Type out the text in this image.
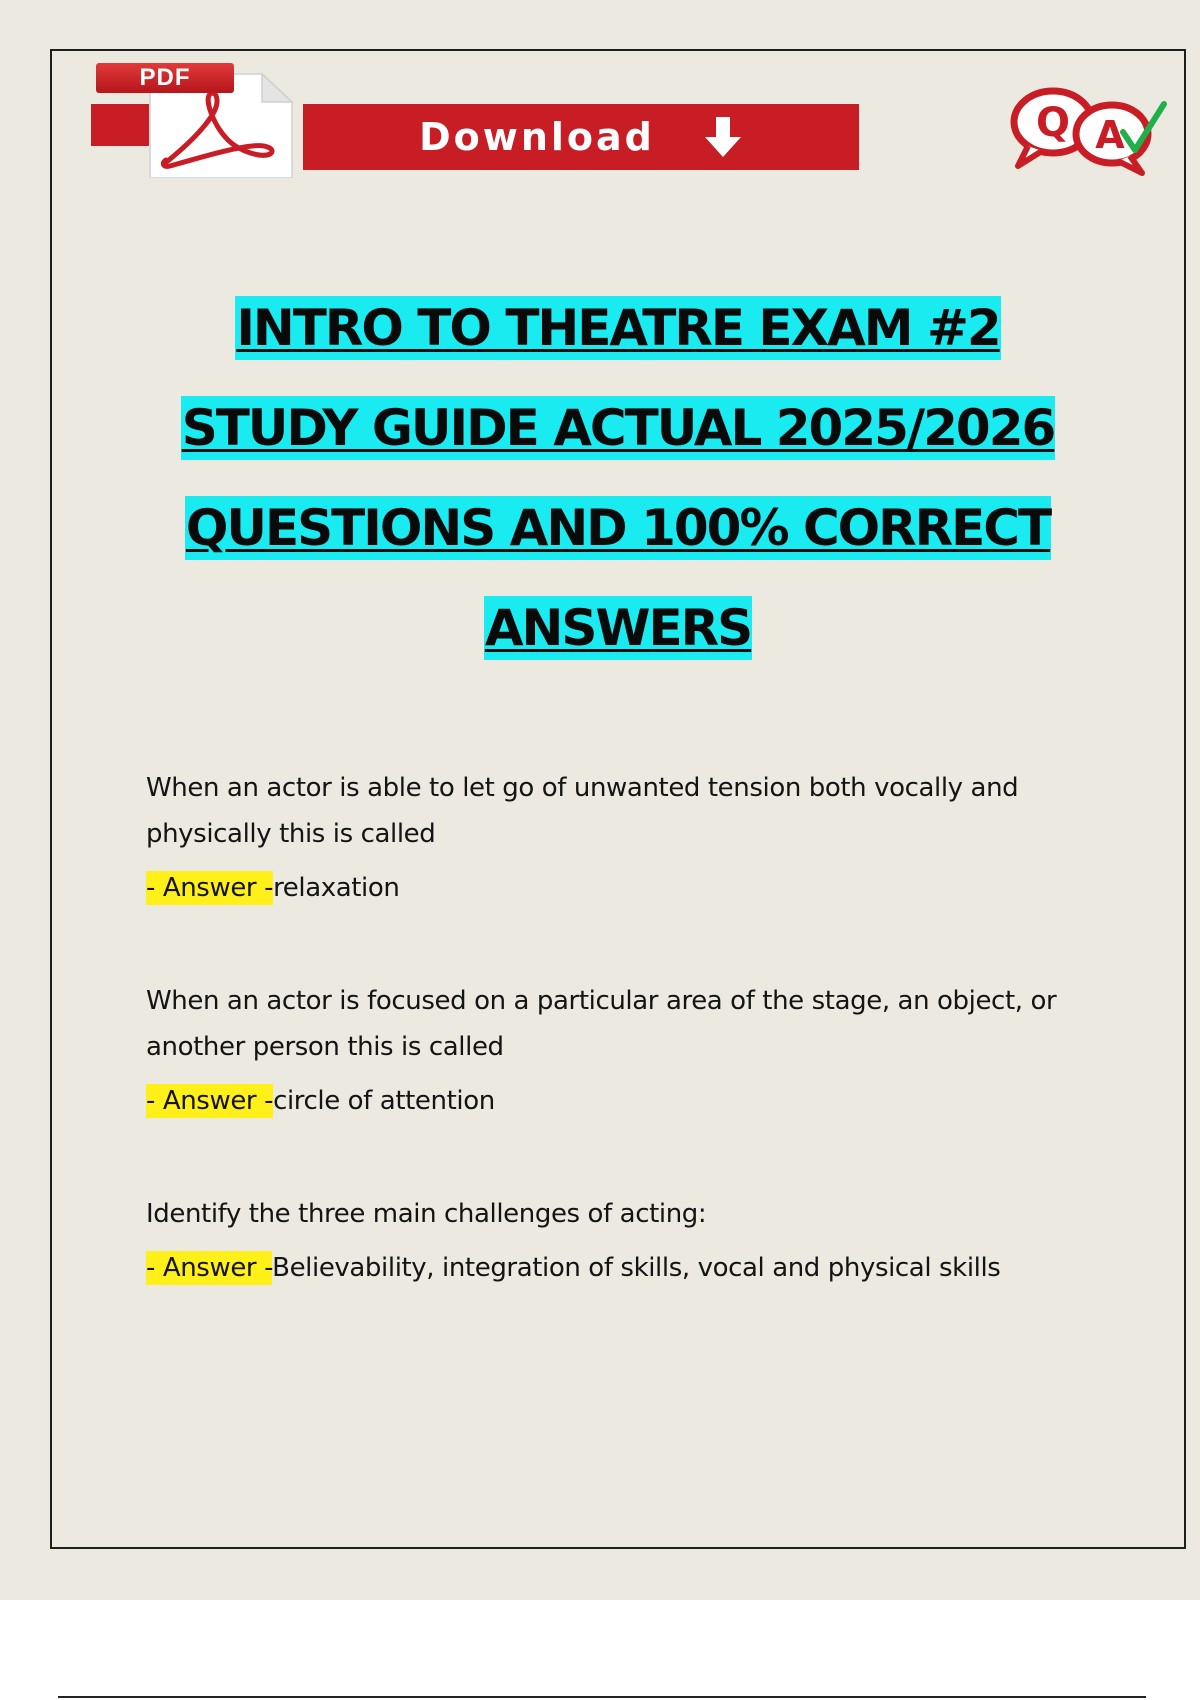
PDF
Download	Q A
INTRO TO THEATRE EXAM #2
STUDY GUIDE ACTUAL 2025/2026
QUESTIONS AND 100% CORRECT
ANSWERS

When an actor is able to let go of unwanted tension both vocally and physically this is called

- Answer -relaxation

When an actor is focused on a particular area of the stage, an object, or another person this is called

- Answer -circle of attention

Identify the three main challenges of acting:

- Answer -Believability, integration of skills, vocal and physical skills
